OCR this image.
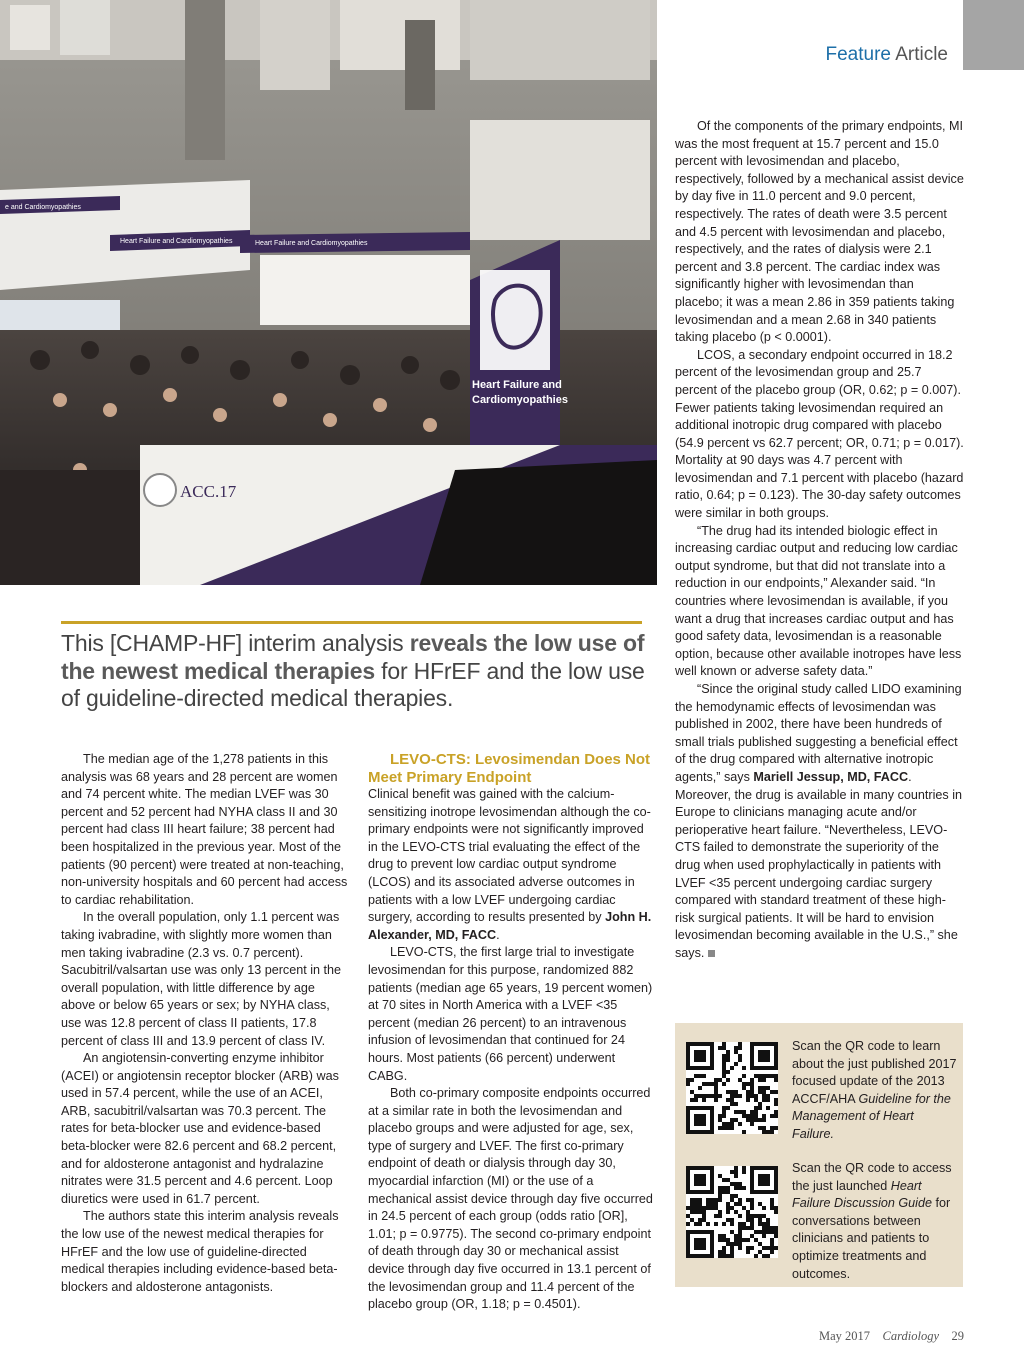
e and Cardiomyopathies
Heart Failure and Cardiomyopathies	Heart Failure and Cardiomyopathies
Heart Failure and
Cardiomyopathies
ACC.17
Feature Article
This [CHAMP-HF] interim analysis reveals the low use of the newest medical therapies for HFrEF and the low use of guideline-directed medical therapies.

The median age of the 1,278 patients in this analysis was 68 years and 28 percent are women and 74 percent white. The median LVEF was 30 percent and 52 percent had NYHA class II and 30 percent had class III heart failure; 38 percent had been hospitalized in the previous year. Most of the patients (90 percent) were treated at non-teaching, non-university hospitals and 60 percent had access to cardiac rehabilitation.

In the overall population, only 1.1 percent was taking ivabradine, with slightly more women than men taking ivabradine (2.3 vs. 0.7 percent). Sacubitril/valsartan use was only 13 percent in the overall population, with little difference by age above or below 65 years or sex; by NYHA class, use was 12.8 percent of class II patients, 17.8 percent of class III and 13.9 percent of class IV.

An angiotensin-converting enzyme inhibitor (ACEI) or angiotensin receptor blocker (ARB) was used in 57.4 percent, while the use of an ACEI, ARB, sacubitril/valsartan was 70.3 percent. The rates for beta-blocker use and evidence-based beta-blocker were 82.6 percent and 68.2 percent, and for aldosterone antagonist and hydralazine nitrates were 31.5 percent and 4.6 percent. Loop diuretics were used in 61.7 percent.

The authors state this interim analysis reveals the low use of the newest medical therapies for HFrEF and the low use of guideline-directed medical therapies including evidence-based beta-blockers and aldosterone antagonists.

LEVO-CTS: Levosimendan Does Not Meet Primary Endpoint

Clinical benefit was gained with the calcium-sensitizing inotrope levosimendan although the co-primary endpoints were not significantly improved in the LEVO-CTS trial evaluating the effect of the drug to prevent low cardiac output syndrome (LCOS) and its associated adverse outcomes in patients with a low LVEF undergoing cardiac surgery, according to results presented by John H. Alexander, MD, FACC.

LEVO-CTS, the first large trial to investigate levosimendan for this purpose, randomized 882 patients (median age 65 years, 19 percent women) at 70 sites in North America with a LVEF <35 percent (median 26 percent) to an intravenous infusion of levosimendan that continued for 24 hours. Most patients (66 percent) underwent CABG.

Both co-primary composite endpoints occurred at a similar rate in both the levosimendan and placebo groups and were adjusted for age, sex, type of surgery and LVEF. The first co-primary endpoint of death or dialysis through day 30, myocardial infarction (MI) or the use of a mechanical assist device through day five occurred in 24.5 percent of each group (odds ratio [OR], 1.01; p = 0.9775). The second co-primary endpoint of death through day 30 or mechanical assist device through day five occurred in 13.1 percent of the levosimendan group and 11.4 percent of the placebo group (OR, 1.18; p = 0.4501).

Of the components of the primary endpoints, MI was the most frequent at 15.7 percent and 15.0 percent with levosimendan and placebo, respectively, followed by a mechanical assist device by day five in 11.0 percent and 9.0 percent, respectively. The rates of death were 3.5 percent and 4.5 percent with levosimendan and placebo, respectively, and the rates of dialysis were 2.1 percent and 3.8 percent. The cardiac index was significantly higher with levosimendan than placebo; it was a mean 2.86 in 359 patients taking levosimendan and a mean 2.68 in 340 patients taking placebo (p < 0.0001).

LCOS, a secondary endpoint occurred in 18.2 percent of the levosimendan group and 25.7 percent of the placebo group (OR, 0.62; p = 0.007). Fewer patients taking levosimendan required an additional inotropic drug compared with placebo (54.9 percent vs 62.7 percent; OR, 0.71; p = 0.017). Mortality at 90 days was 4.7 percent with levosimendan and 7.1 percent with placebo (hazard ratio, 0.64; p = 0.123). The 30-day safety outcomes were similar in both groups.

“The drug had its intended biologic effect in increasing cardiac output and reducing low cardiac output syndrome, but that did not translate into a reduction in our endpoints,” Alexander said. “In countries where levosimendan is available, if you want a drug that increases cardiac output and has good safety data, levosimendan is a reasonable option, because other available inotropes have less well known or adverse safety data.”

“Since the original study called LIDO examining the hemodynamic effects of levosimendan was published in 2002, there have been hundreds of small trials published suggesting a beneficial effect of the drug compared with alternative inotropic agents,” says Mariell Jessup, MD, FACC. Moreover, the drug is available in many countries in Europe to clinicians managing acute and/or perioperative heart failure. “Nevertheless, LEVO-CTS failed to demonstrate the superiority of the drug when used prophylactically in patients with LVEF <35 percent undergoing cardiac surgery compared with standard treatment of these high-risk surgical patients. It will be hard to envision levosimendan becoming available in the U.S.,” she says.

Scan the QR code to learn about the just published 2017 focused update of the 2013 ACCF/AHA Guideline for the Management of Heart Failure.
Scan the QR code to access the just launched Heart Failure Discussion Guide for conversations between clinicians and patients to optimize treatments and outcomes.
May 2017 Cardiology 29
